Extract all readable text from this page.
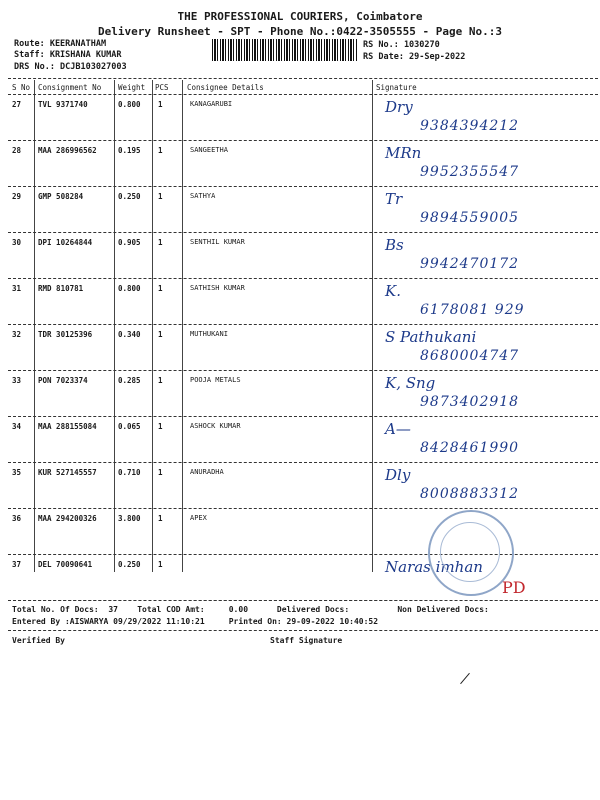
THE PROFESSIONAL COURIERS, Coimbatore
Delivery Runsheet - SPT - Phone No.:0422-3505555 - Page No.:3
Route: KEERANATHAM
Staff: KRISHANA KUMAR
DRS No.: DCJB103027003
RS No.: 1030270
RS Date: 29-Sep-2022
S No Consignment No Weight PCS Consignee Details	Signature
27 TVL 9371740	0.800 1	KANAGARUBI	Dry
9384394212
28 MAA 286996562	0.195 1	SANGEETHA	MRn
9952355547
29 GMP 508284	0.250 1	SATHYA	Tr
9894559005
30 DPI 10264844	0.905 1	SENTHIL KUMAR	Bs
9942470172
31 RMD 810781	0.800 1	SATHISH KUMAR	K.
6178081 929
32 TDR 30125396	0.340 1	MUTHUKANI	S Pathukani
8680004747
33 PON 7023374	0.285 1	POOJA METALS	K, Sng
9873402918
34 MAA 288155084	0.065 1	ASHOCK KUMAR	A—
8428461990
35 KUR 527145557	0.710 1	ANURADHA	Dly
8008883312
36 MAA 294200326	3.800 1	APEX
37 DEL 70090641	0.250 1	Naras imhan
PD
Total No. Of Docs:  37    Total COD Amt:     0.00      Delivered Docs:          Non Delivered Docs:
Entered By :AISWARYA 09/29/2022 11:10:21     Printed On: 29-09-2022 10:40:52
Verified By	Staff Signature
